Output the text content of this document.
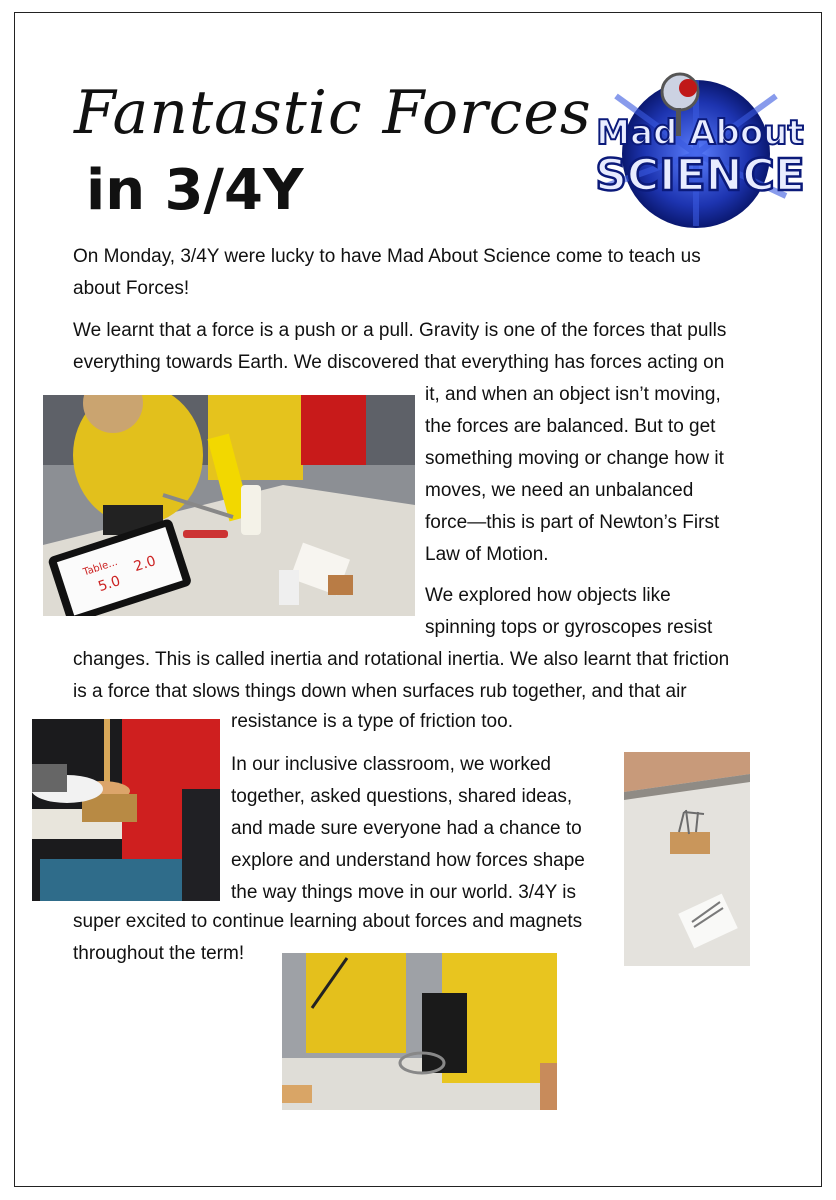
Fantastic Forces
in 3/4Y
Mad About
SCIENCE
On Monday, 3/4Y were lucky to have Mad About Science come to teach us
about Forces!
We learnt that a force is a push or a pull. Gravity is one of the forces that pulls
everything towards Earth. We discovered that everything has forces acting on
it, and when an object isn’t moving,
the forces are balanced. But to get
something moving or change how it
moves, we need an unbalanced
force—this is part of Newton’s First
Law of Motion.
We explored how objects like
spinning tops or gyroscopes resist
changes. This is called inertia and rotational inertia. We also learnt that friction
is a force that slows things down when surfaces rub together, and that air
resistance is a type of friction too.
In our inclusive classroom, we worked
together, asked questions, shared ideas,
and made sure everyone had a chance to
explore and understand how forces shape
the way things move in our world. 3/4Y is
super excited to continue learning about forces and magnets
throughout the term!
Table...
5.0
2.0
